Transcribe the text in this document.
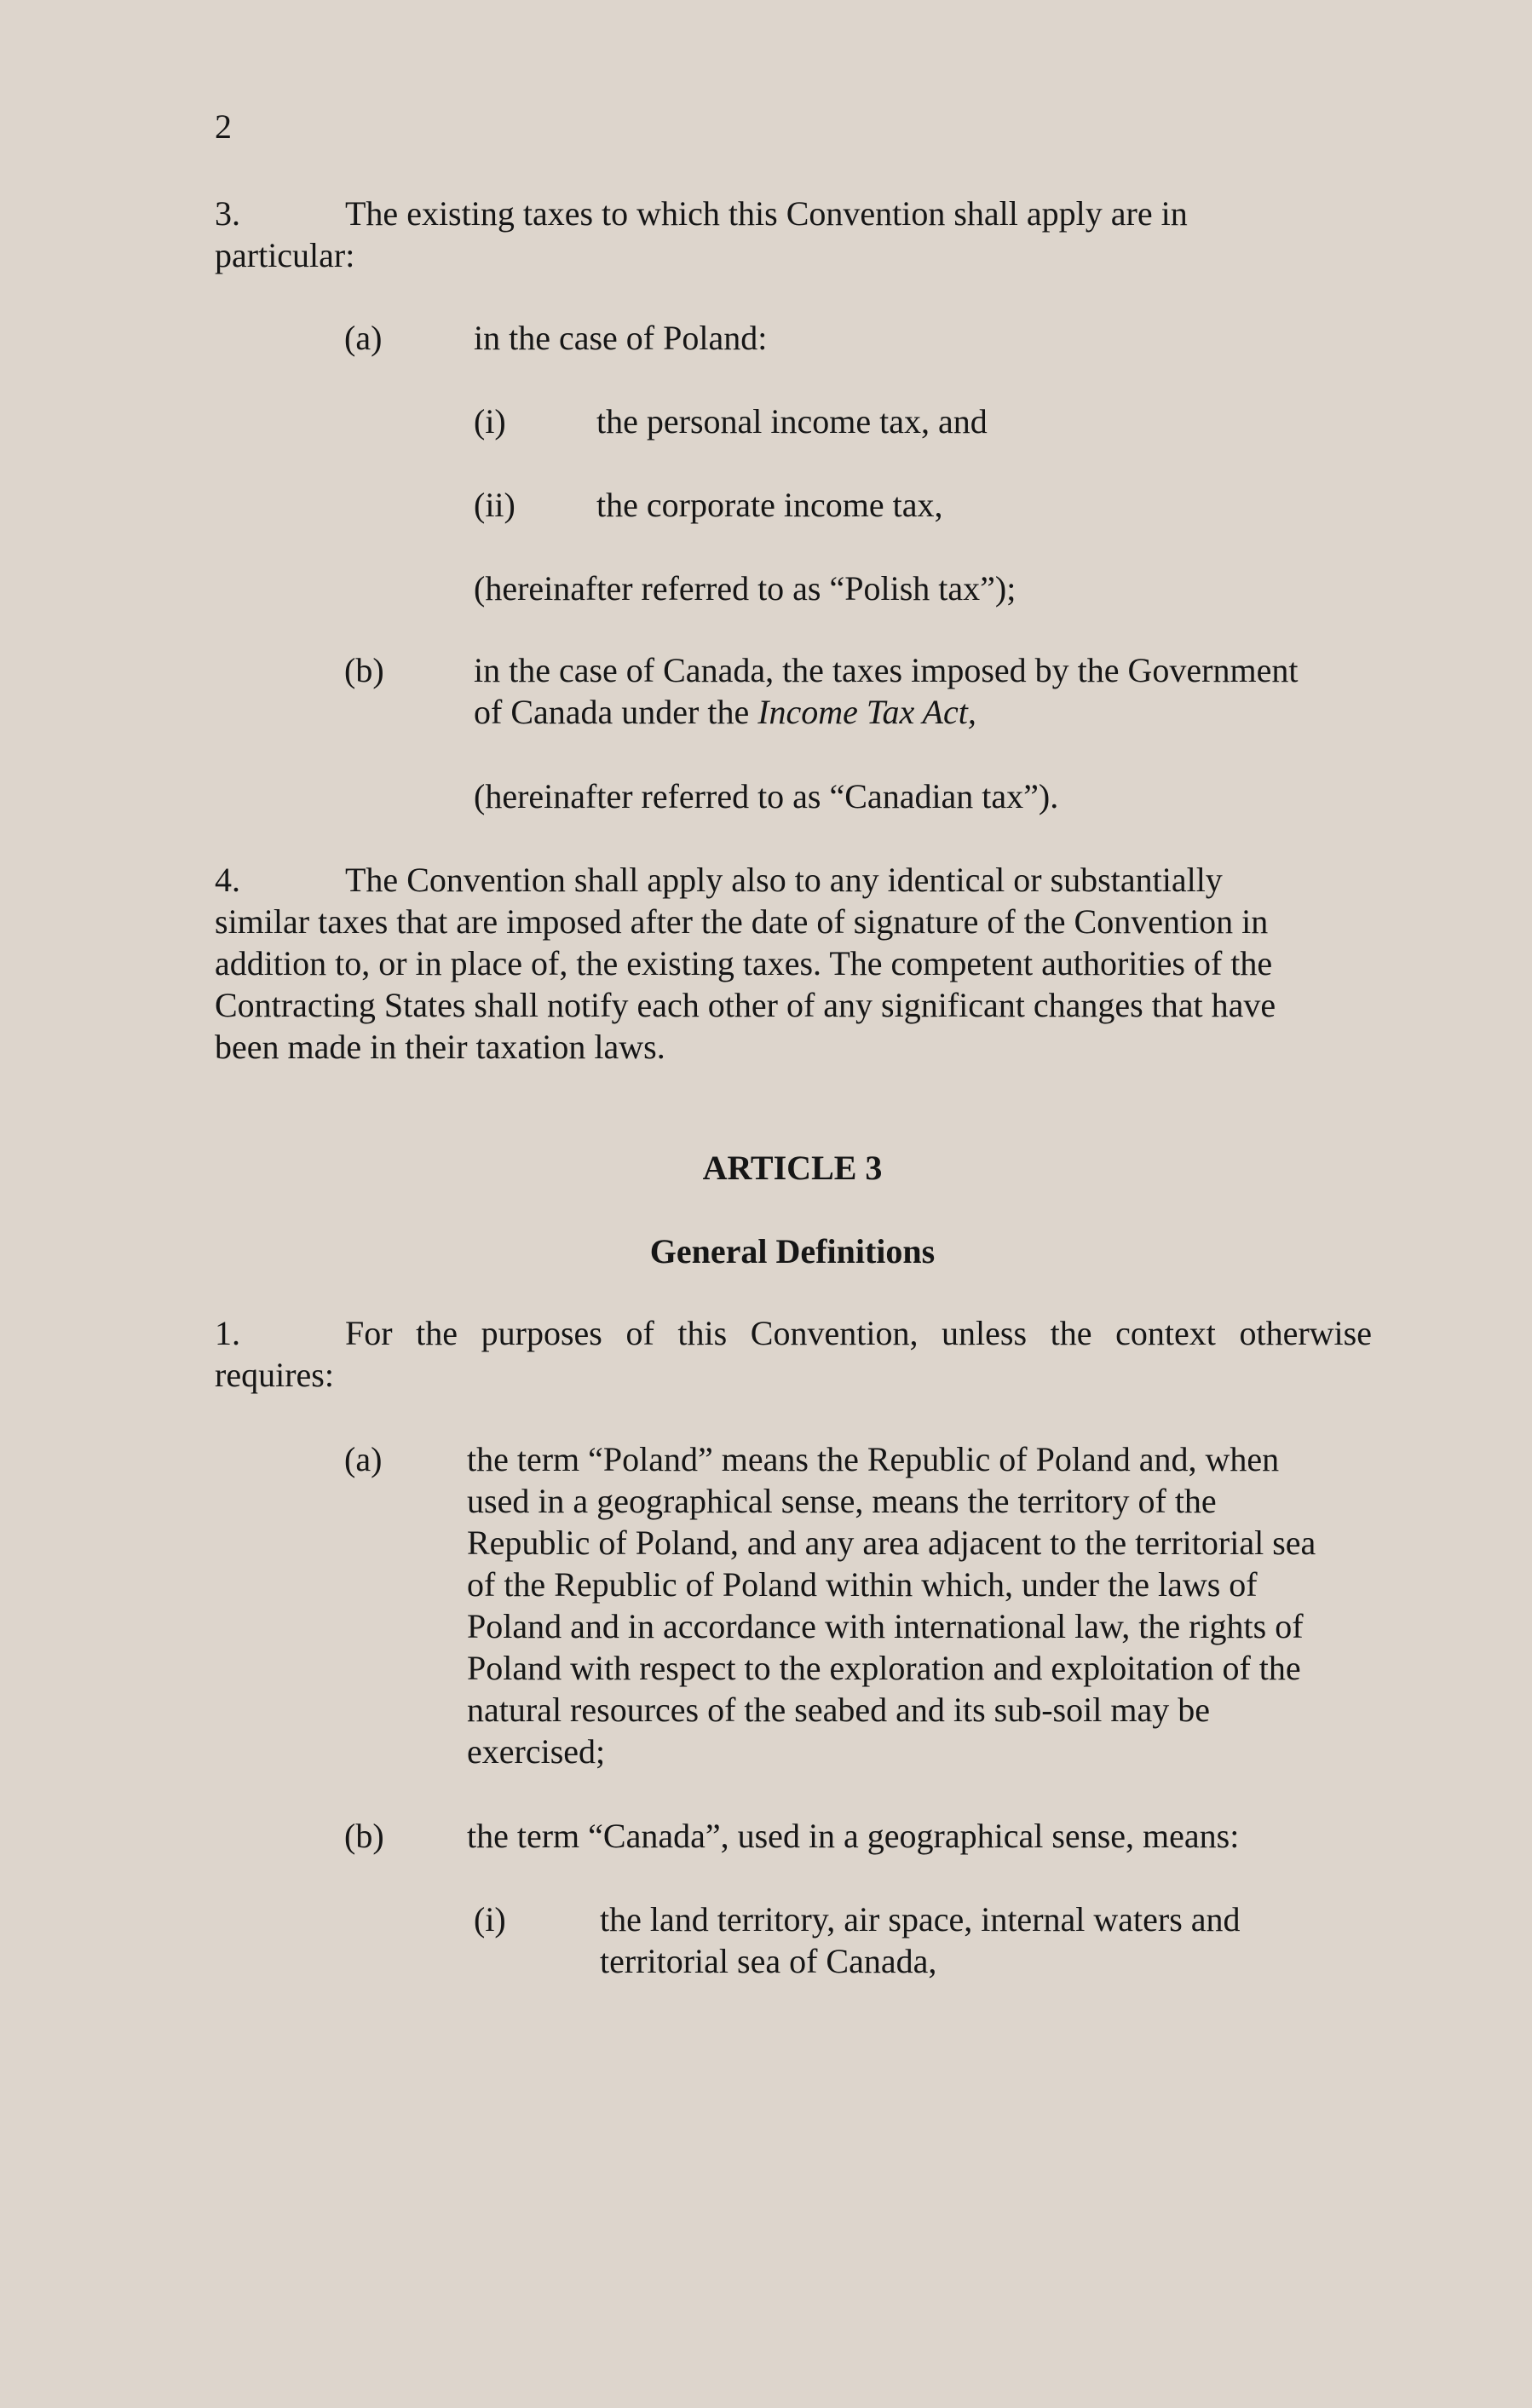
2
3.	The existing taxes to which this Convention shall apply are in
particular:
(a)	in the case of Poland:
(i)	the personal income tax, and
(ii) the corporate income tax,
(hereinafter referred to as “Polish tax”);
(b)	in the case of Canada, the taxes imposed by the Government
of Canada under the Income Tax Act,
(hereinafter referred to as “Canadian tax”).
4.	The Convention shall apply also to any identical or substantially
similar taxes that are imposed after the date of signature of the Convention in
addition to, or in place of, the existing taxes. The competent authorities of the
Contracting States shall notify each other of any significant changes that have
been made in their taxation laws.
ARTICLE 3
General Definitions
1.	For the purposes of this Convention, unless the context otherwise
requires:
(a) the term “Poland” means the Republic of Poland and, when
used in a geographical sense, means the territory of the
Republic of Poland, and any area adjacent to the territorial sea
of the Republic of Poland within which, under the laws of
Poland and in accordance with international law, the rights of
Poland with respect to the exploration and exploitation of the
natural resources of the seabed and its sub-soil may be
exercised;
(b) the term “Canada”, used in a geographical sense, means:
(i)	the land territory, air space, internal waters and
territorial sea of Canada,
